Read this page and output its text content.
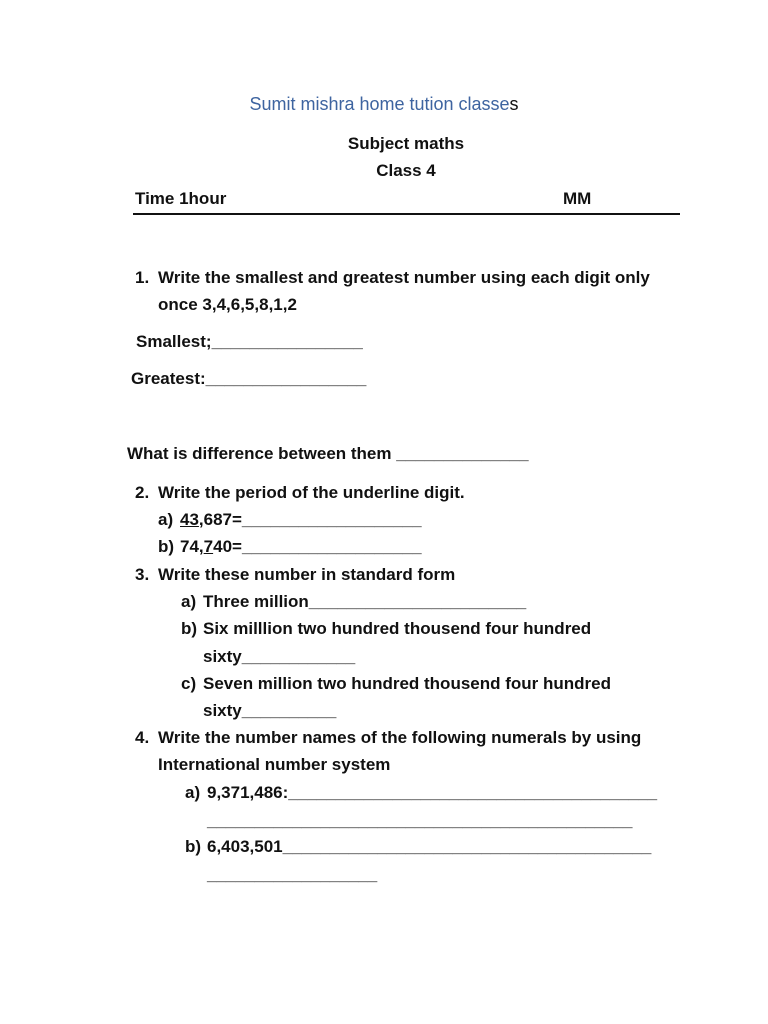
Sumit mishra home tution classes
Subject maths
Class 4
Time 1hour	MM
1. Write the smallest and greatest number using each digit only
once 3,4,6,5,8,1,2
Smallest;________________
Greatest:_________________
What is difference between them ______________
2. Write the period of the underline digit.
a) 43,687=___________________
b) 74,740=___________________
3. Write these number in standard form
a) Three million_______________________
b) Six milllion two hundred thousend four hundred
sixty____________
c) Seven million two hundred thousend four hundred
sixty__________
4. Write the number names of the following numerals by using
International number system
a) 9,371,486:_______________________________________
_____________________________________________
b) 6,403,501_______________________________________
__________________
